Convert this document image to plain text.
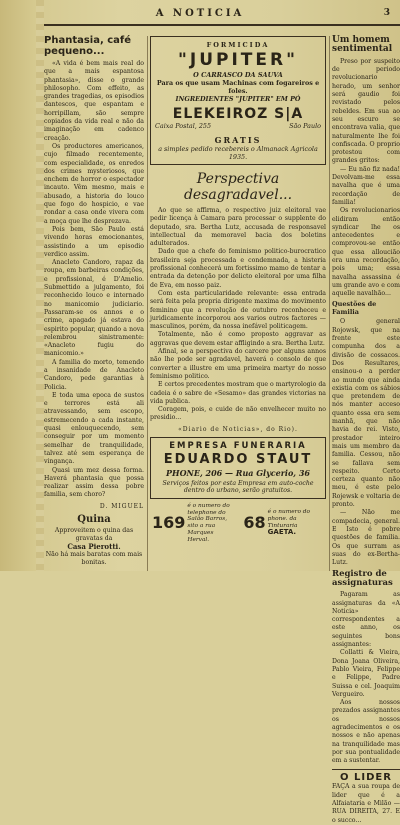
A NOTICIA	3
Phantasia, café pequeno...

«A vida é bem mais real do que a mais espantosa phantasia», disse o grande philosopho. Com effeito, as grandes tragedias, os episodios dantescos, que espantam e horripillam, são sempre copiados da vida real e não da imaginação em cadenco creação.

Os productores americanos, cujo filmado recentemente, com especialidade, os enredos dos crimes mysteriosos, que enchem de horror o espectador incauto. Vêm mesmo, mais e abusado, a historia do louco que fogo do hospicio, e vae rondar a casa onde vivera com a moça que lhe desprezava.

Pois bem, São Paulo está vivendo horas emocionantes, assistindo a um episodio verdico assim.

Anacleto Candoro, rapaz da roupa, em barbeiras condições, e profissional, é D'Amelio. Submettido a julgamento, foi reconhecido louco e internado no manicomio judiciario. Passaram-se os annos e o crime, apagado já estava do espirito popular, quando a nova relembrou sinistramente: «Anacleto fugiu do manicomio.»

A familia do morto, temendo a insanidade de Anacleto Candoro, pede garantias à Policia.

E toda uma epoca de sustos e terrores está ali atravessando, sem escopo, estremecendo a cada instante, quasi enlouquecendo, sem conseguir por um momento semelhar de tranquilidade, talvez até sem esperança de vingança.

Quasi um mez dessa forma. Haverá phantasia que possa realizar assim dessa pobre familia, sem choro?

D. MIGUEL
Quina
Approveitem o quina das gravatas da
Casa Pierotti.
Não há mais baratas com mais bonitas.
FORMICIDA
"JUPITER"
O CARRASCO DA SAUVA
Para os que usam Machinas com fogareiros e foles.
INGREDIENTES "JUPITER" EM PÓ
ELEKEIROZ S|A
Caixa Postal, 255	São Paulo
GRATIS
a simples pedido recebereis o Almanack Agricola 1935.
Perspectiva desagradavel...

Ao que se affirma, o respectivo juiz eleitoral vae pedir licença à Camara para processar o supplente do deputado, sra. Bertha Lutz, accusada de responsavel intellectual da memoravel bacia dos boletins adulterados.

Dado que a chefe do feminismo politico-burocratico brasileira seja processada e condemnada, a histeria profissional conhecerá um fortissimo mamo de tentar a entrada da detenção por delicto eleitoral por uma filha de Eva, em nosso paiz.

Com esta particularidade relevante: essa entrada será feita pela propria dirigente maxima do movimento feminino que a revolução de outubro reconheceu e juridicamente incorporou aos varios outros factores — masculinos, porém, da nossa inefável politicagem.

Totalmente, não é como proposto aggravar as aggravas que devem estar affligindo a sra. Bertha Lutz.

Afinal, se a perspectiva do carcere por alguns annos não lhe pode ser agradavel, haverá o consolo de que converter a illustre em uma primeira martyr do nosso feminismo politico.

E certos precedentes mostram que o martyrologio da cadeia é o sabre de «Sesamo» das grandes victorias na vida publica.

Coragem, pois, e cuide de não envelhecer muito no presidio...

«Diario de Noticias», do Rio).
EMPRESA FUNERARIA
EDUARDO STAUT
PHONE, 206 — Rua Glycerio, 36
Serviços feitos por esta Empresa em auto-coche dentro do urbano, serão gratuitos.
169
é o numero do telephone do Salão Barros, sito a rua Marques Herval.
68
é o numero do phone. da Tinturaria GAETA.
Um homem sentimental

Preso por suspeito de periodo revolucionario herado, um senhor será gaudio foi revistado pelos rebeldes. Em sua ao seu escuro se encontrava valia, que naturalmente lhe foi confiscada. O proprio protestou com grandes gritos:

— Eu não fiz nada! Devolvam-me essa navalha que é uma recordação de familia!

Os revolucionarios elidiram então syndicar lhe os antecedentes e comprovou-se então que essa alloucião era uma recordação, pois uma; essa navalha assassina é um grande avo e com aquelle navalhão...

Questões de Familia

O general Rojowsk, que na frente este compunha dos a divisão de cossacos. Dos Resultares, ensinou-o a perder ao mundo que ainda existia com os sábios que pretendem de nós manter acceso quanto essa era sem manhã, que não havia de rei. Visto, prestador inteiro mais um membro da familia. Cessou, não se fallava sem respeito. Certo certeza quanto não meu, é este pelo Rojewsk e voltaria de pronto.

— Não me compadecia, general. E Isto é pobre questões de familia. Os que surram as suas do ex-Bertha-Lutz.

Registro de assignaturas

Pagaram as assignaturas da «A Noticia» correspondentes a este anno, os seguintes bons assignantes:

Collatti & Vieira, Dona Joana Oliveira, Pablo Vieira, Felippe e Felippe, Padre Suissa e cel. Joaquim Vergueiro.

Aos nossos prezados assignantes os nossos agradecimentos e os nossos e não apenas na tranquilidade mas por sua pontualidade em a sustentar.

O LIDER
FAÇA a sua roupa de lider que é a Alfaiataria e Milão — RUA DIREITA, 27. E o succo...
